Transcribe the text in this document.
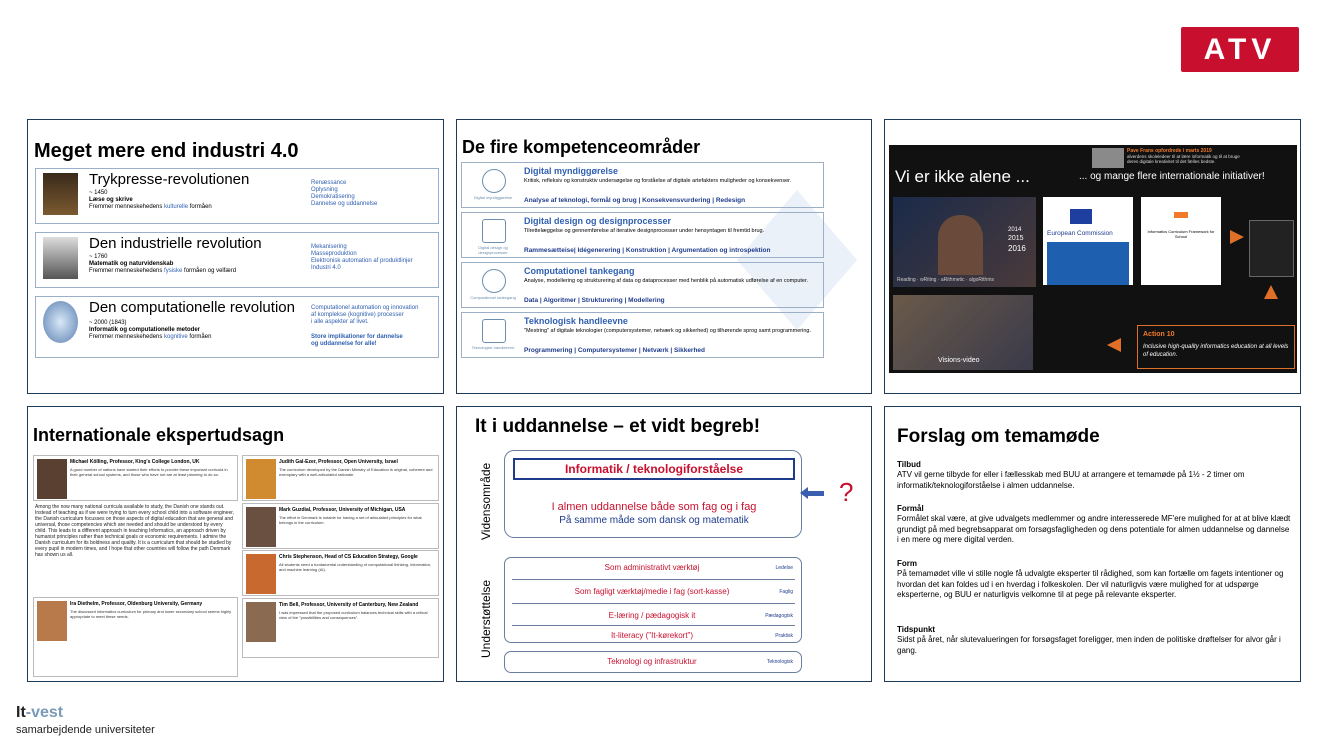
ATV
Meget mere end industri 4.0
Trykpresse-revolutionen
~ 1450
Læse og skrive
Fremmer menneskehedens kulturelle formåen
Renæssance
Oplysning
Demokratisering
Dannelse og uddannelse
Den industrielle revolution
~ 1760
Matematik og naturvidenskab
Fremmer menneskehedens fysiske formåen og velfærd
Mekanisering
Masseproduktion
Elektronisk automation af produktlinjer
Industri 4.0
Den computationelle revolution
~ 2000 (1843)
Informatik og computationelle metoder
Fremmer menneskehedens kognitive formåen
Computationel automation og innovation
af komplekse (kognitive) processer
i alle aspekter af livet.
Store implikationer for dannelse
og uddannelse for alle!
De fire kompetenceområder
Digital myndiggørelse
Digital myndiggørelse
Kritisk, refleksiv og konstruktiv undersøgelse og forståelse af digitale artefakters muligheder og konsekvenser.
Analyse af teknologi, formål og brug | Konsekvensvurdering | Redesign
Digital design og designprocesser
Digital design og designprocesser
Tilrettelæggelse og gennemførelse af iterative designprocesser under hensyntagen til fremtid brug.
Rammesætteise| Idégenerering | Konstruktion | Argumentation og introspektion
Computationel tankegang
Computationel tankegang
Analyse, modellering og strukturering af data og dataprocesser med henblik på automatisk udførelse af en computer.
Data | Algoritmer | Strukturering | Modellering
Teknologisk handleevne
Teknologisk handleevne
"Mestring" af digitale teknologier (computersystemer, netværk og sikkerhed) og tilhørende sprog samt programmering.
Programmering | Computersystemer | Netværk | Sikkerhed
Vi er ikke alene ...	... og mange flere internationale initiativer!
Pave Frans opfordrede i marts 2019
alverdens skoleledeer til at lære informatik og til at bruge deres digitale kreativitet til det fælles bedste.
2014
2015
2016
Reading · wRiting · aRithmetic · algoRithms
European Commission	Informatics Curriculum Framework for School
Visions-video
Action 10
Inclusive high-quality informatics education at all levels of education.
Internationale ekspertudsagn
Michael Kölling, Professor, King's College London, UK
A good number of nations have started their efforts to provide these important curricula in their general school systems, and those who have not are at least planning to do so.
Among the now many national curricula available to study, the Danish one stands out. Instead of teaching as if we were trying to turn every school child into a software engineer, the Danish curriculum focusses on those aspects of digital education that are general and universal, those competencies which are needed and should be understood by every child. This leads to a different approach in teaching Informatics, an approach driven by humanist principles rather than technical goals or economic requirements. I admire the Danish curriculum for its boldness and quality. It is a curriculum that should be studied by every pupil in modern times, and I hope that other countries will follow the path Denmark has shown us all.
Ira Diethelm, Professor, Oldenburg University, Germany
The discussed informatics curriculum for primary and lower secondary school seems highly appropriate to meet these needs.
Judith Gal-Ezer, Professor, Open University, Israel
The curriculum developed by the Danish Ministry of Education is original, coherent and exemplary with a well-articulated rationale.
Mark Guzdial, Professor, University of Michigan, USA
The effort in Denmark is notable for having a set of articulated principles for what belongs in the curriculum.
Chris Stephenson, Head of CS Education Strategy, Google
All students need a fundamental understanding of computational thinking, information, and machine learning (AI).
Tim Bell, Professor, University of Canterbury, New Zealand
I was impressed that the proposed curriculum balances technical skills with a critical view of the "possibilities and consequences".
It i uddannelse – et vidt begreb!
Vidensområde
Understøttelse
Informatik / teknologiforståelse
I almen uddannelse både som fag og i fag
På samme måde som dansk og matematik
?
Som administrativt værktøj	Ledelse
Som fagligt værktøj/medie i fag (sort-kasse)	Faglig
E-læring / pædagogisk it	Pædagogisk
It-literacy ("It-kørekort")	Praktisk
Teknologi og infrastruktur	Teknologisk
Forslag om temamøde
Tilbud
ATV vil gerne tilbyde for eller i fællesskab med BUU at arrangere et temamøde på 1½ - 2 timer om informatik/teknologiforståelse i almen uddannelse.
Formål
Formålet skal være, at give udvalgets medlemmer og andre interesserede MF'ere mulighed for at at blive klædt grundigt på med begrebsapparat om forsøgsfagligheden og dens potentiale for almen uddannelse og dannelse i en mere og mere digital verden.
Form
På temamødet ville vi stille nogle få udvalgte eksperter til rådighed, som kan fortælle om fagets intentioner og hvordan det kan foldes ud i en hverdag i folkeskolen. Der vil naturligvis være mulighed for at udspørge eksperterne, og BUU er naturligvis velkomne til at pege på relevante eksperter.
Tidspunkt
Sidst på året, når slutevalueringen for forsøgsfaget foreligger, men inden de politiske drøftelser for alvor går i gang.
It-vest
samarbejdende universiteter
